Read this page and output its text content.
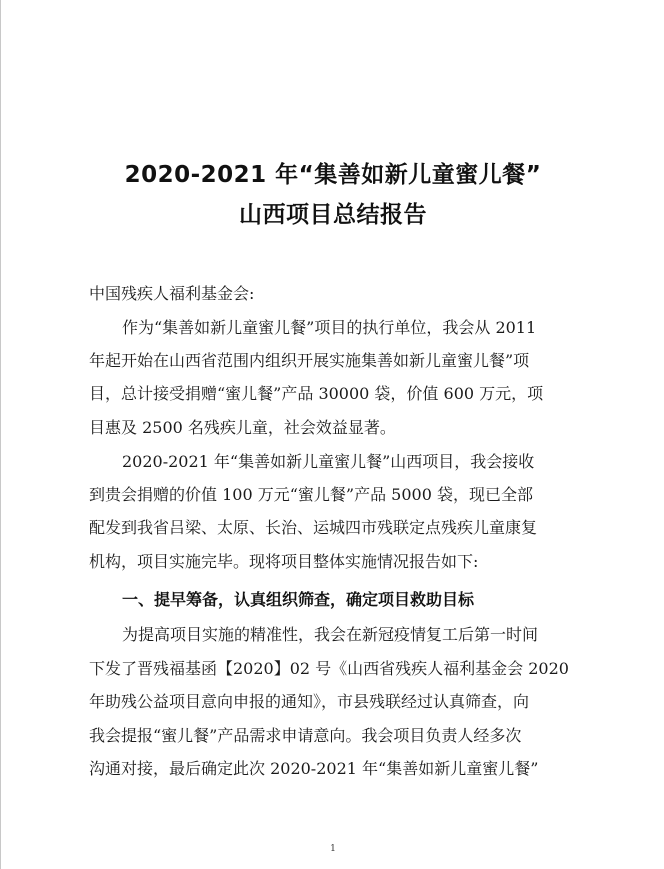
2020-2021 年“集善如新儿童蜜儿餐”
山西项目总结报告
中国残疾人福利基金会:
作为“集善如新儿童蜜儿餐”项目的执行单位，我会从 2011
年起开始在山西省范围内组织开展实施集善如新儿童蜜儿餐”项
目，总计接受捐赠“蜜儿餐”产品 30000 袋，价值 600 万元，项
目惠及 2500 名残疾儿童，社会效益显著。
2020-2021 年“集善如新儿童蜜儿餐”山西项目，我会接收
到贵会捐赠的价值 100 万元“蜜儿餐”产品 5000 袋，现已全部
配发到我省吕梁、太原、长治、运城四市残联定点残疾儿童康复
机构，项目实施完毕。现将项目整体实施情况报告如下:
一、提早筹备，认真组织筛查，确定项目救助目标
为提高项目实施的精准性，我会在新冠疫情复工后第一时间
下发了晋残福基函【2020】02 号《山西省残疾人福利基金会 2020
年助残公益项目意向申报的通知》，市县残联经过认真筛查，向
我会提报“蜜儿餐”产品需求申请意向。我会项目负责人经多次
沟通对接，最后确定此次 2020-2021 年“集善如新儿童蜜儿餐”
1
